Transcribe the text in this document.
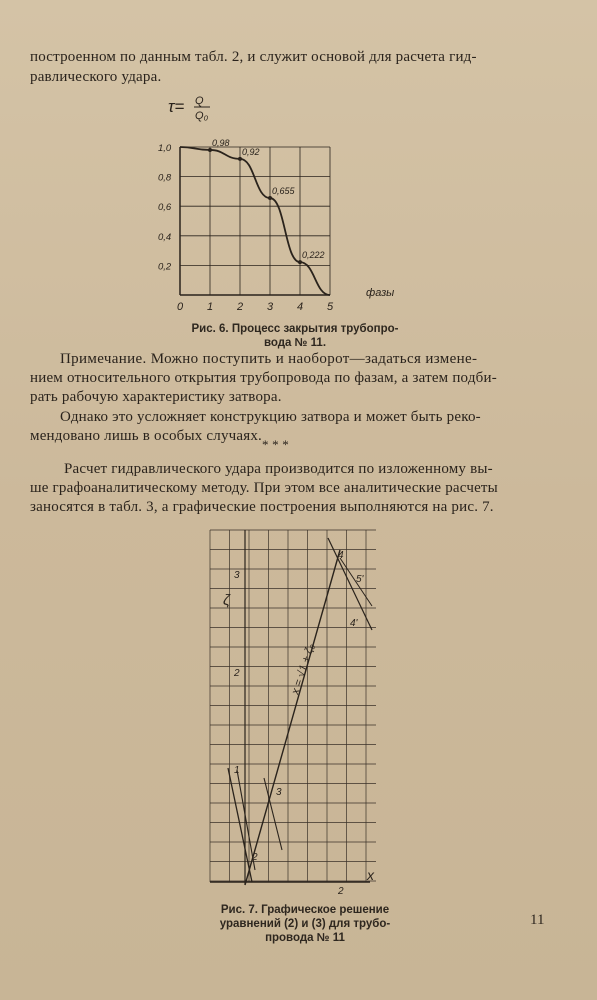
построенном по данным табл. 2, и служит основой для расчета гид-
равлического удара.
τ= Q
Q₀
0 1 2 3 4 5
1,0
0,8
0,6
0,4
0,2
0,98
0,92
0,655
0,222
фазы
Рис. 6. Процесс закрытия трубопро-
вода № 11.
Примечание. Можно поступить и наоборот—задаться измене-
нием относительного открытия трубопровода по фазам, а затем подби-
рать рабочую характеристику затвора.
Однако это усложняет конструкцию затвора и может быть реко-
мендовано лишь в особых случаях.
* * *
Расчет гидравлического удара производится по изложенному вы-
ше графоаналитическому методу. При этом все аналитические расчеты
заносятся в табл. 3, а графические построения выполняются на рис. 7.
ζ
x
1
2
3
2
x = √1 + ζ₀
2
3
4
5'
4'
Рис. 7. Графическое решение
уравнений (2) и (3) для трубо-
провода № 11
11
